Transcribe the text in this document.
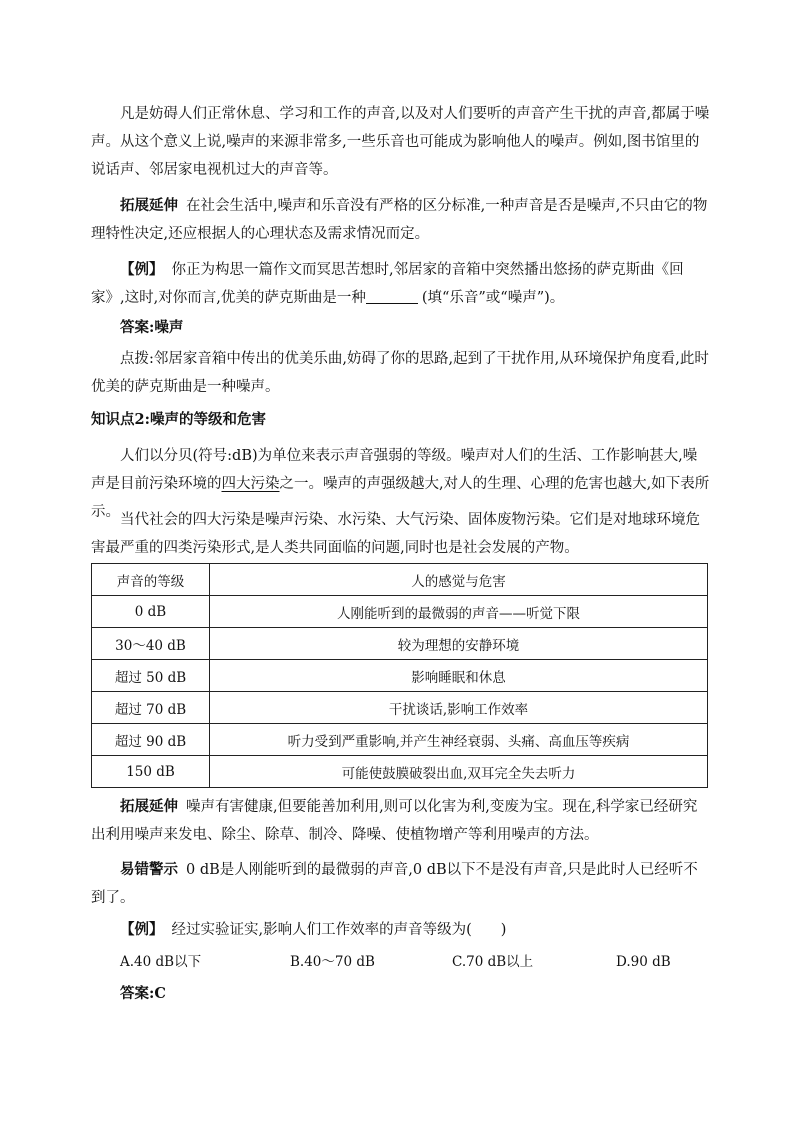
凡是妨碍人们正常休息、学习和工作的声音,以及对人们要听的声音产生干扰的声音,都属于噪声。从这个意义上说,噪声的来源非常多,一些乐音也可能成为影响他人的噪声。例如,图书馆里的说话声、邻居家电视机过大的声音等。

拓展延伸 在社会生活中,噪声和乐音没有严格的区分标准,一种声音是否是噪声,不只由它的物理特性决定,还应根据人的心理状态及需求情况而定。

【例】 你正为构思一篇作文而冥思苦想时,邻居家的音箱中突然播出悠扬的萨克斯曲《回家》,这时,对你而言,优美的萨克斯曲是一种	(填“乐音”或“噪声”)。

答案:噪声

点拨:邻居家音箱中传出的优美乐曲,妨碍了你的思路,起到了干扰作用,从环境保护角度看,此时优美的萨克斯曲是一种噪声。

知识点2:噪声的等级和危害

人们以分贝(符号:dB)为单位来表示声音强弱的等级。噪声对人们的生活、工作影响甚大,噪声是目前污染环境的四大污染之一。噪声的声强级越大,对人的生理、心理的危害也越大,如下表所示。 当代社会的四大污染是噪声污染、水污染、大气污染、固体废物污染。它们是对地球环境危害最严重的四类污染形式,是人类共同面临的问题,同时也是社会发展的产物。

声音的等级	人的感觉与危害
0 dB	人刚能听到的最微弱的声音——听觉下限
30～40 dB	较为理想的安静环境
超过 50 dB	影响睡眠和休息
超过 70 dB	干扰谈话,影响工作效率
超过 90 dB	听力受到严重影响,并产生神经衰弱、头痛、高血压等疾病
150 dB	可能使鼓膜破裂出血,双耳完全失去听力

拓展延伸 噪声有害健康,但要能善加利用,则可以化害为利,变废为宝。现在,科学家已经研究出利用噪声来发电、除尘、除草、制冷、降噪、使植物增产等利用噪声的方法。

易错警示 0 dB是人刚能听到的最微弱的声音,0 dB以下不是没有声音,只是此时人已经听不到了。

【例】 经过实验证实,影响人们工作效率的声音等级为(　　)

A.40 dB以下	B.40～70 dB	C.70 dB以上	D.90 dB

答案:C
